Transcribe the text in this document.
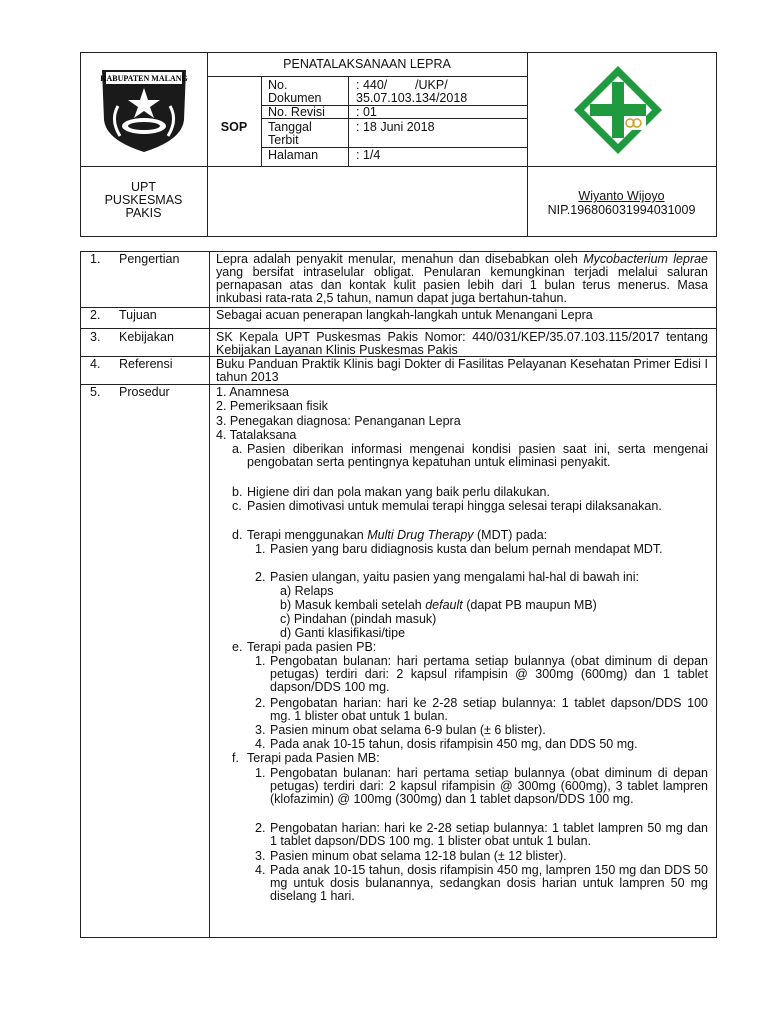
KABUPATEN MALANG
PENATALAKSANAAN LEPRA
SOP
No.
Dokumen
: 440/        /UKP/
35.07.103.134/2018
No. Revisi : 01
Tanggal
Terbit
: 18 Juni 2018
Halaman	: 1/4
UPT
PUSKESMAS
PAKIS
Wiyanto Wijoyo
NIP.196806031994031009
1. Pengertian	Lepra adalah penyakit menular, menahun dan disebabkan oleh Mycobacterium leprae yang bersifat intraselular obligat. Penularan kemungkinan terjadi melalui saluran pernapasan atas dan kontak kulit pasien lebih dari 1 bulan terus menerus. Masa inkubasi rata-rata 2,5 tahun, namun dapat juga bertahun-tahun.
2. Tujuan	Sebagai acuan penerapan langkah-langkah untuk Menangani Lepra
3. Kebijakan	SK Kepala UPT Puskesmas Pakis Nomor: 440/031/KEP/35.07.103.115/2017 tentang Kebijakan Layanan Klinis Puskesmas Pakis
4. Referensi	Buku Panduan Praktik Klinis bagi Dokter di Fasilitas Pelayanan Kesehatan Primer Edisi I tahun 2013
5. Prosedur	1. Anamnesa
2. Pemeriksaan fisik
3. Penegakan diagnosa: Penanganan Lepra
4. Tatalaksana
a. Pasien diberikan informasi mengenai kondisi pasien saat ini, serta mengenai pengobatan serta pentingnya kepatuhan untuk eliminasi penyakit.
b. Higiene diri dan pola makan yang baik perlu dilakukan.
c. Pasien dimotivasi untuk memulai terapi hingga selesai terapi dilaksanakan.
d. Terapi menggunakan Multi Drug Therapy (MDT) pada:
1. Pasien yang baru didiagnosis kusta dan belum pernah mendapat MDT.
2. Pasien ulangan, yaitu pasien yang mengalami hal-hal di bawah ini:
a) Relaps
b) Masuk kembali setelah default (dapat PB maupun MB)
c) Pindahan (pindah masuk)
d) Ganti klasifikasi/tipe
e. Terapi pada pasien PB:
1. Pengobatan bulanan: hari pertama setiap bulannya (obat diminum di depan petugas) terdiri dari: 2 kapsul rifampisin @ 300mg (600mg) dan 1 tablet dapson/DDS 100 mg.
2. Pengobatan harian: hari ke 2-28 setiap bulannya: 1 tablet dapson/DDS 100 mg. 1 blister obat untuk 1 bulan.
3. Pasien minum obat selama 6-9 bulan (± 6 blister).
4. Pada anak 10-15 tahun, dosis rifampisin 450 mg, dan DDS 50 mg.
f. Terapi pada Pasien MB:
1. Pengobatan bulanan: hari pertama setiap bulannya (obat diminum di depan petugas) terdiri dari: 2 kapsul rifampisin @ 300mg (600mg), 3 tablet lampren (klofazimin) @ 100mg (300mg) dan 1 tablet dapson/DDS 100 mg.
2. Pengobatan harian: hari ke 2-28 setiap bulannya: 1 tablet lampren 50 mg dan 1 tablet dapson/DDS 100 mg. 1 blister obat untuk 1 bulan.
3. Pasien minum obat selama 12-18 bulan (± 12 blister).
4. Pada anak 10-15 tahun, dosis rifampisin 450 mg, lampren 150 mg dan DDS 50 mg untuk dosis bulanannya, sedangkan dosis harian untuk lampren 50 mg diselang 1 hari.
